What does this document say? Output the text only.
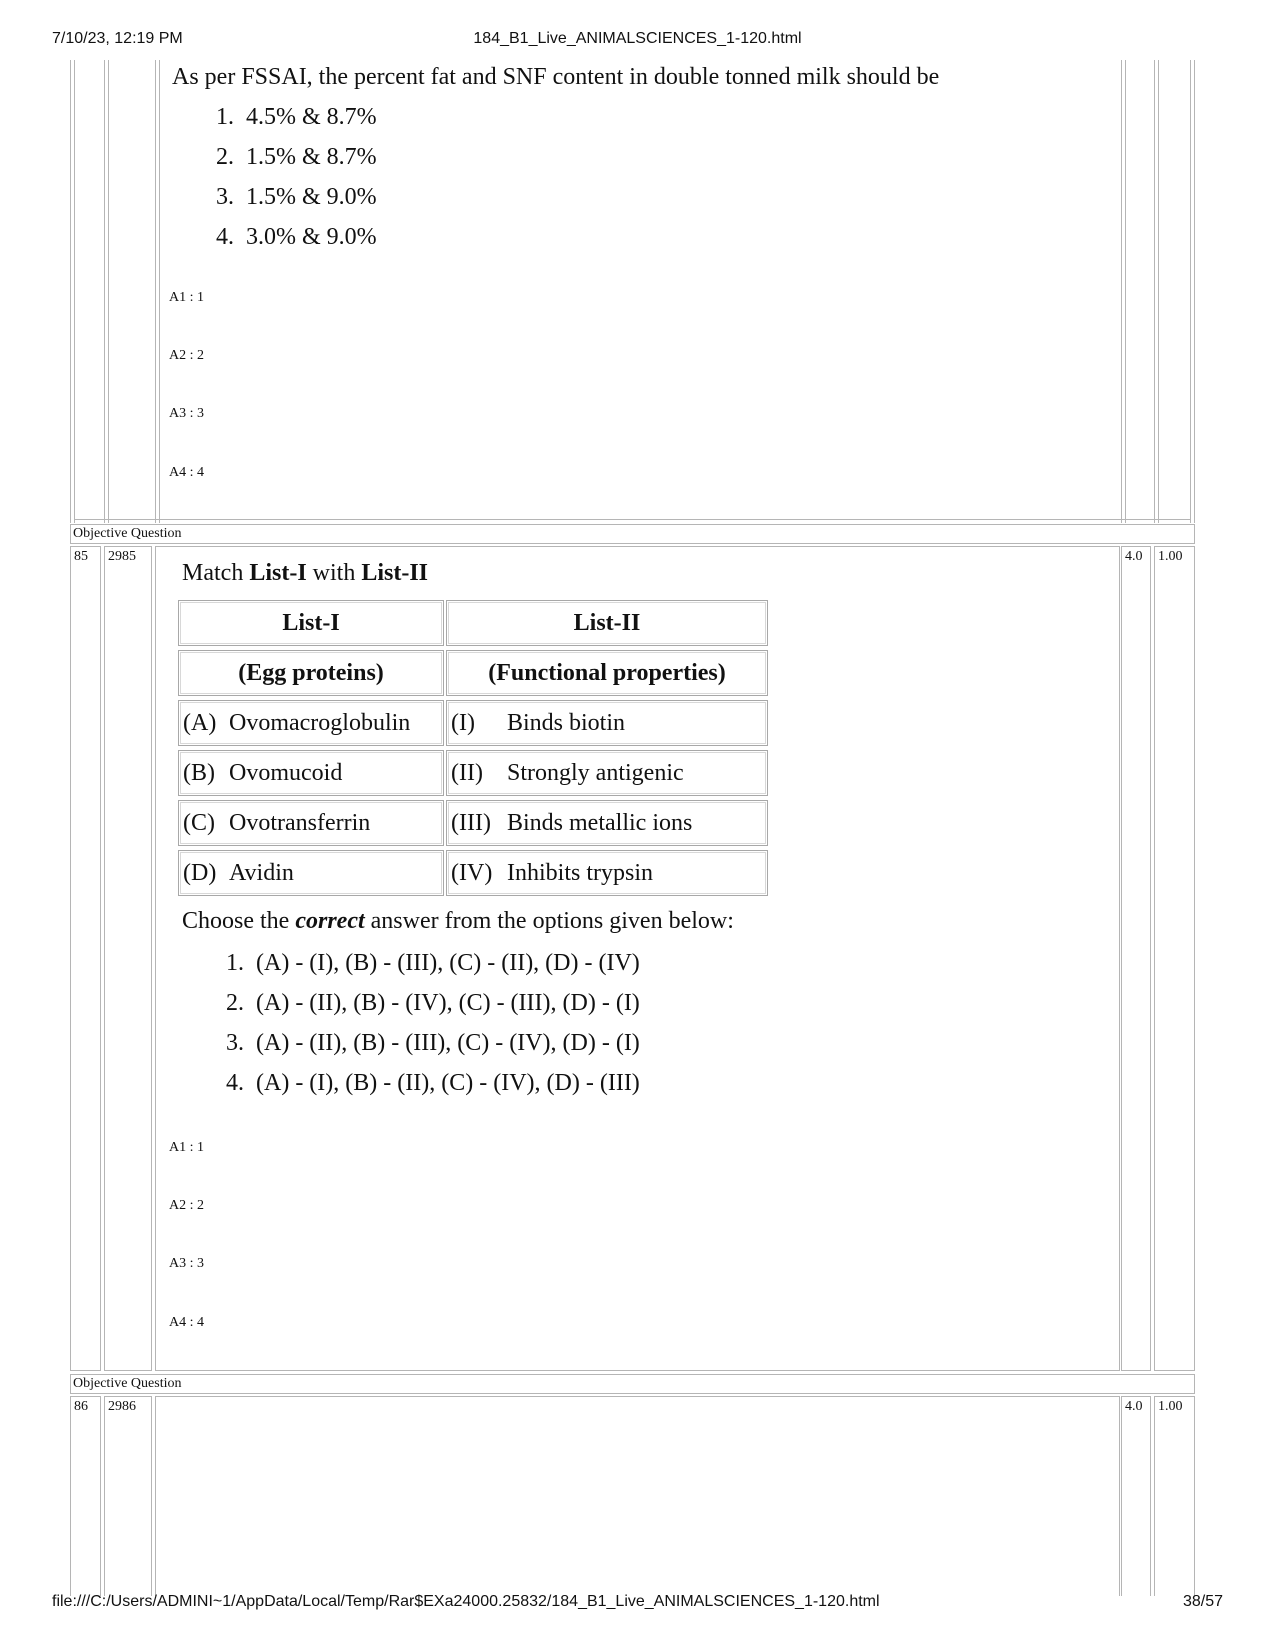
7/10/23, 12:19 PM	184_B1_Live_ANIMALSCIENCES_1-120.html
As per FSSAI, the percent fat and SNF content in double tonned milk should be
1. 4.5% & 8.7%
2. 1.5% & 8.7%
3. 1.5% & 9.0%
4. 3.0% & 9.0%
A1 : 1
A2 : 2
A3 : 3
A4 : 4
Objective Question
85 2985	4.0 1.00
Match List-I with List-II
List-I	List-II
(Egg proteins)	(Functional properties)
(A) Ovomacroglobulin	(I) Binds biotin
(B) Ovomucoid	(II) Strongly antigenic
(C) Ovotransferrin	(III) Binds metallic ions
(D) Avidin	(IV) Inhibits trypsin
Choose the correct answer from the options given below:
1. (A) - (I), (B) - (III), (C) - (II), (D) - (IV)
2. (A) - (II), (B) - (IV), (C) - (III), (D) - (I)
3. (A) - (II), (B) - (III), (C) - (IV), (D) - (I)
4. (A) - (I), (B) - (II), (C) - (IV), (D) - (III)
A1 : 1
A2 : 2
A3 : 3
A4 : 4
Objective Question
86 2986	4.0 1.00
file:///C:/Users/ADMINI~1/AppData/Local/Temp/Rar$EXa24000.25832/184_B1_Live_ANIMALSCIENCES_1-120.html	38/57
